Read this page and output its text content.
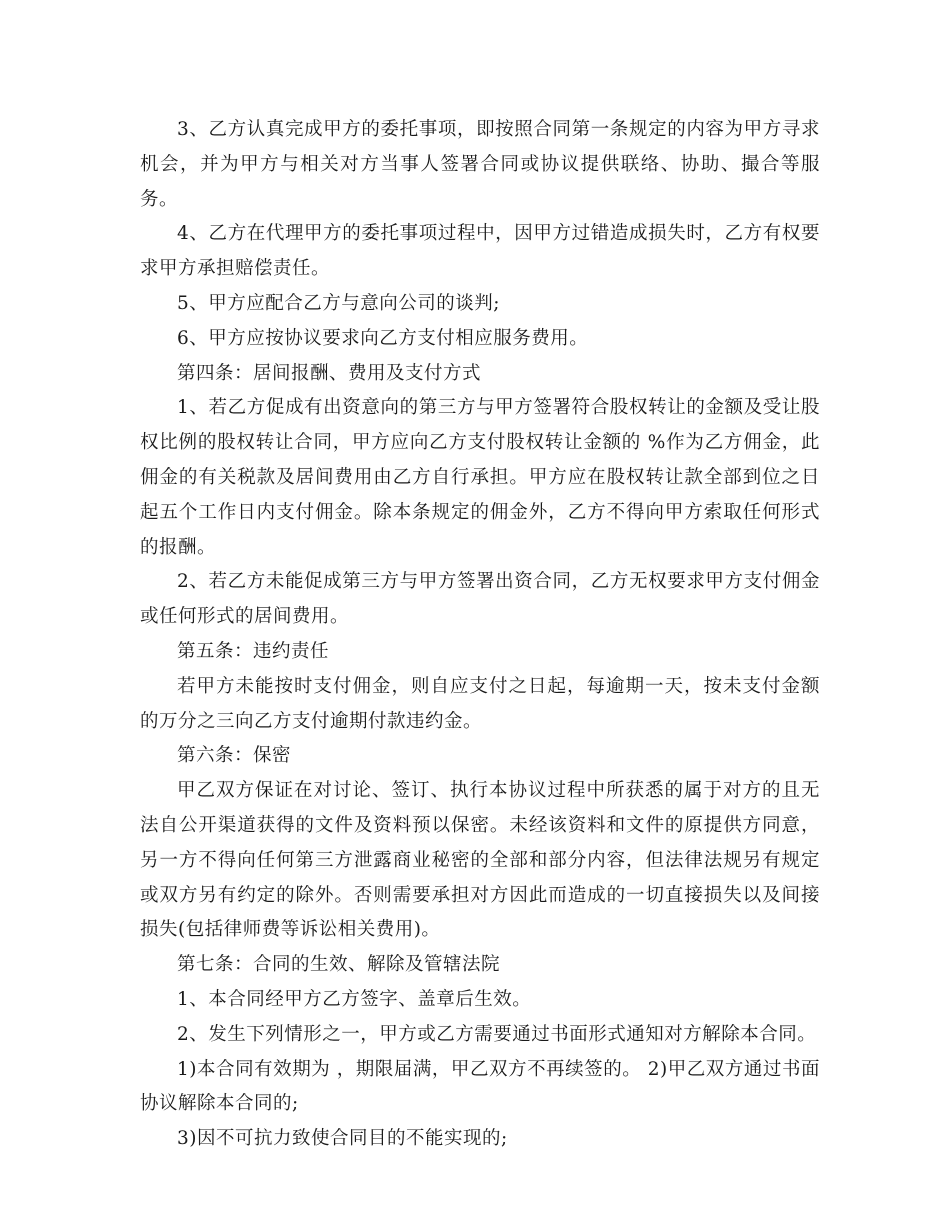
3、乙方认真完成甲方的委托事项，即按照合同第一条规定的内容为甲方寻求机会，并为甲方与相关对方当事人签署合同或协议提供联络、协助、撮合等服务。

4、乙方在代理甲方的委托事项过程中，因甲方过错造成损失时，乙方有权要求甲方承担赔偿责任。

5、甲方应配合乙方与意向公司的谈判;

6、甲方应按协议要求向乙方支付相应服务费用。

第四条：居间报酬、费用及支付方式

1、若乙方促成有出资意向的第三方与甲方签署符合股权转让的金额及受让股权比例的股权转让合同，甲方应向乙方支付股权转让金额的 %作为乙方佣金，此佣金的有关税款及居间费用由乙方自行承担。甲方应在股权转让款全部到位之日起五个工作日内支付佣金。除本条规定的佣金外，乙方不得向甲方索取任何形式的报酬。

2、若乙方未能促成第三方与甲方签署出资合同，乙方无权要求甲方支付佣金或任何形式的居间费用。

第五条：违约责任

若甲方未能按时支付佣金，则自应支付之日起，每逾期一天，按未支付金额的万分之三向乙方支付逾期付款违约金。

第六条：保密

甲乙双方保证在对讨论、签订、执行本协议过程中所获悉的属于对方的且无法自公开渠道获得的文件及资料预以保密。未经该资料和文件的原提供方同意，另一方不得向任何第三方泄露商业秘密的全部和部分内容，但法律法规另有规定或双方另有约定的除外。否则需要承担对方因此而造成的一切直接损失以及间接损失(包括律师费等诉讼相关费用)。

第七条：合同的生效、解除及管辖法院

1、本合同经甲方乙方签字、盖章后生效。

2、发生下列情形之一，甲方或乙方需要通过书面形式通知对方解除本合同。

1)本合同有效期为 ，期限届满，甲乙双方不再续签的。 2)甲乙双方通过书面协议解除本合同的;

3)因不可抗力致使合同目的不能实现的;
